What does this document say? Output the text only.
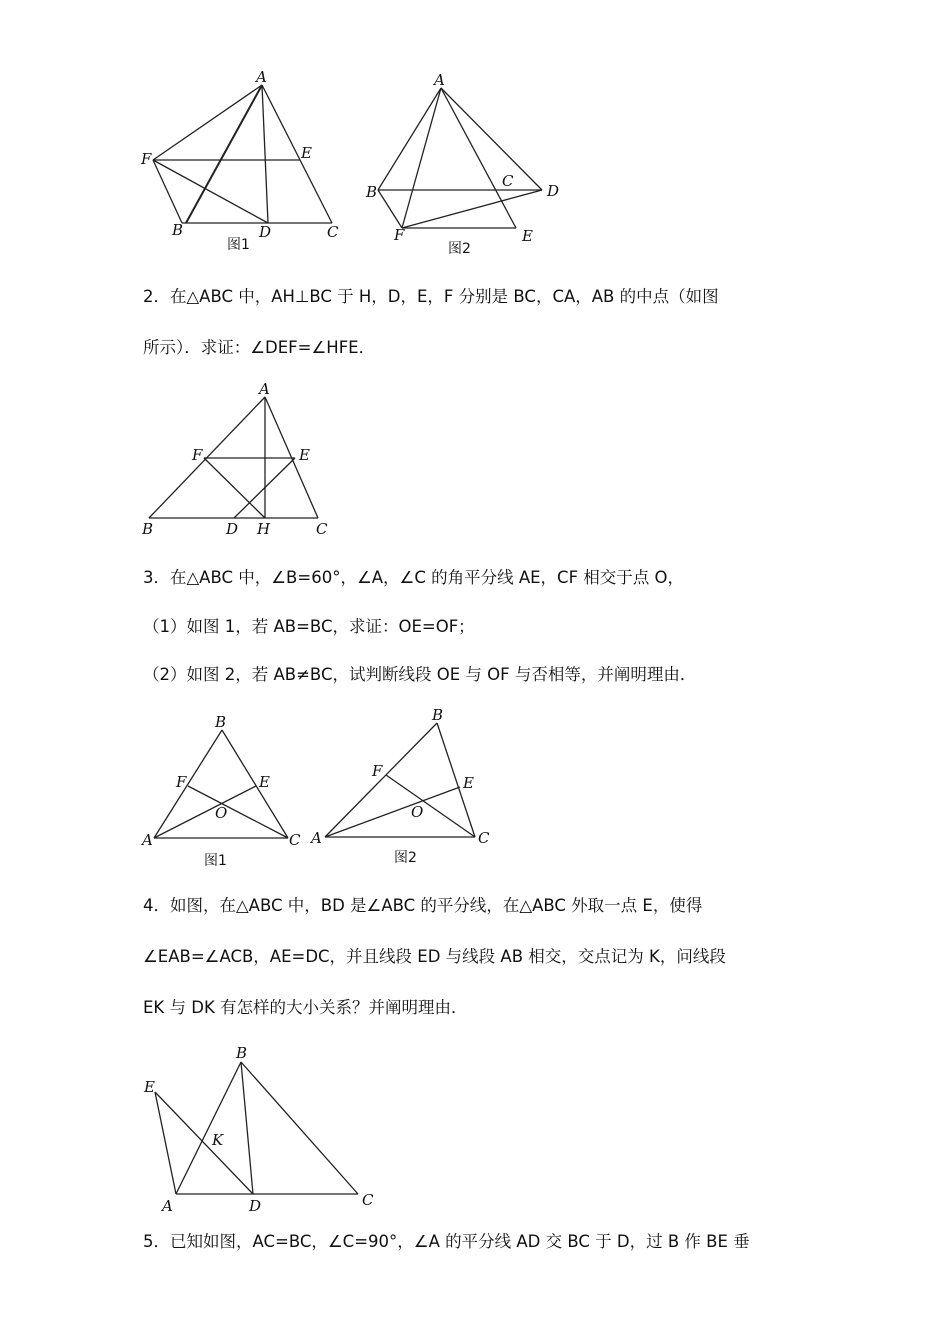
A
F	E
B	D	C
图1
A
B
C
D
F	E
图2

2．在△ABC 中，AH⊥BC 于 H，D，E，F 分别是 BC，CA，AB 的中点（如图

所示）．求证：∠DEF=∠HFE．

A
F	E
B	D H	C

3．在△ABC 中，∠B=60°，∠A，∠C 的角平分线 AE，CF 相交于点 O，

（1）如图 1，若 AB=BC，求证：OE=OF；

（2）如图 2，若 AB≠BC，试判断线段 OE 与 OF 与否相等，并阐明理由．

B
F	E
O
A	C
图1
B
F
E
O
A	C
图2

4．如图，在△ABC 中，BD 是∠ABC 的平分线，在△ABC 外取一点 E，使得

∠EAB=∠ACB，AE=DC，并且线段 ED 与线段 AB 相交，交点记为 K，问线段

EK 与 DK 有怎样的大小关系？并阐明理由．

B
E
K
A	D	C

5．已知如图，AC=BC，∠C=90°，∠A 的平分线 AD 交 BC 于 D，过 B 作 BE 垂
